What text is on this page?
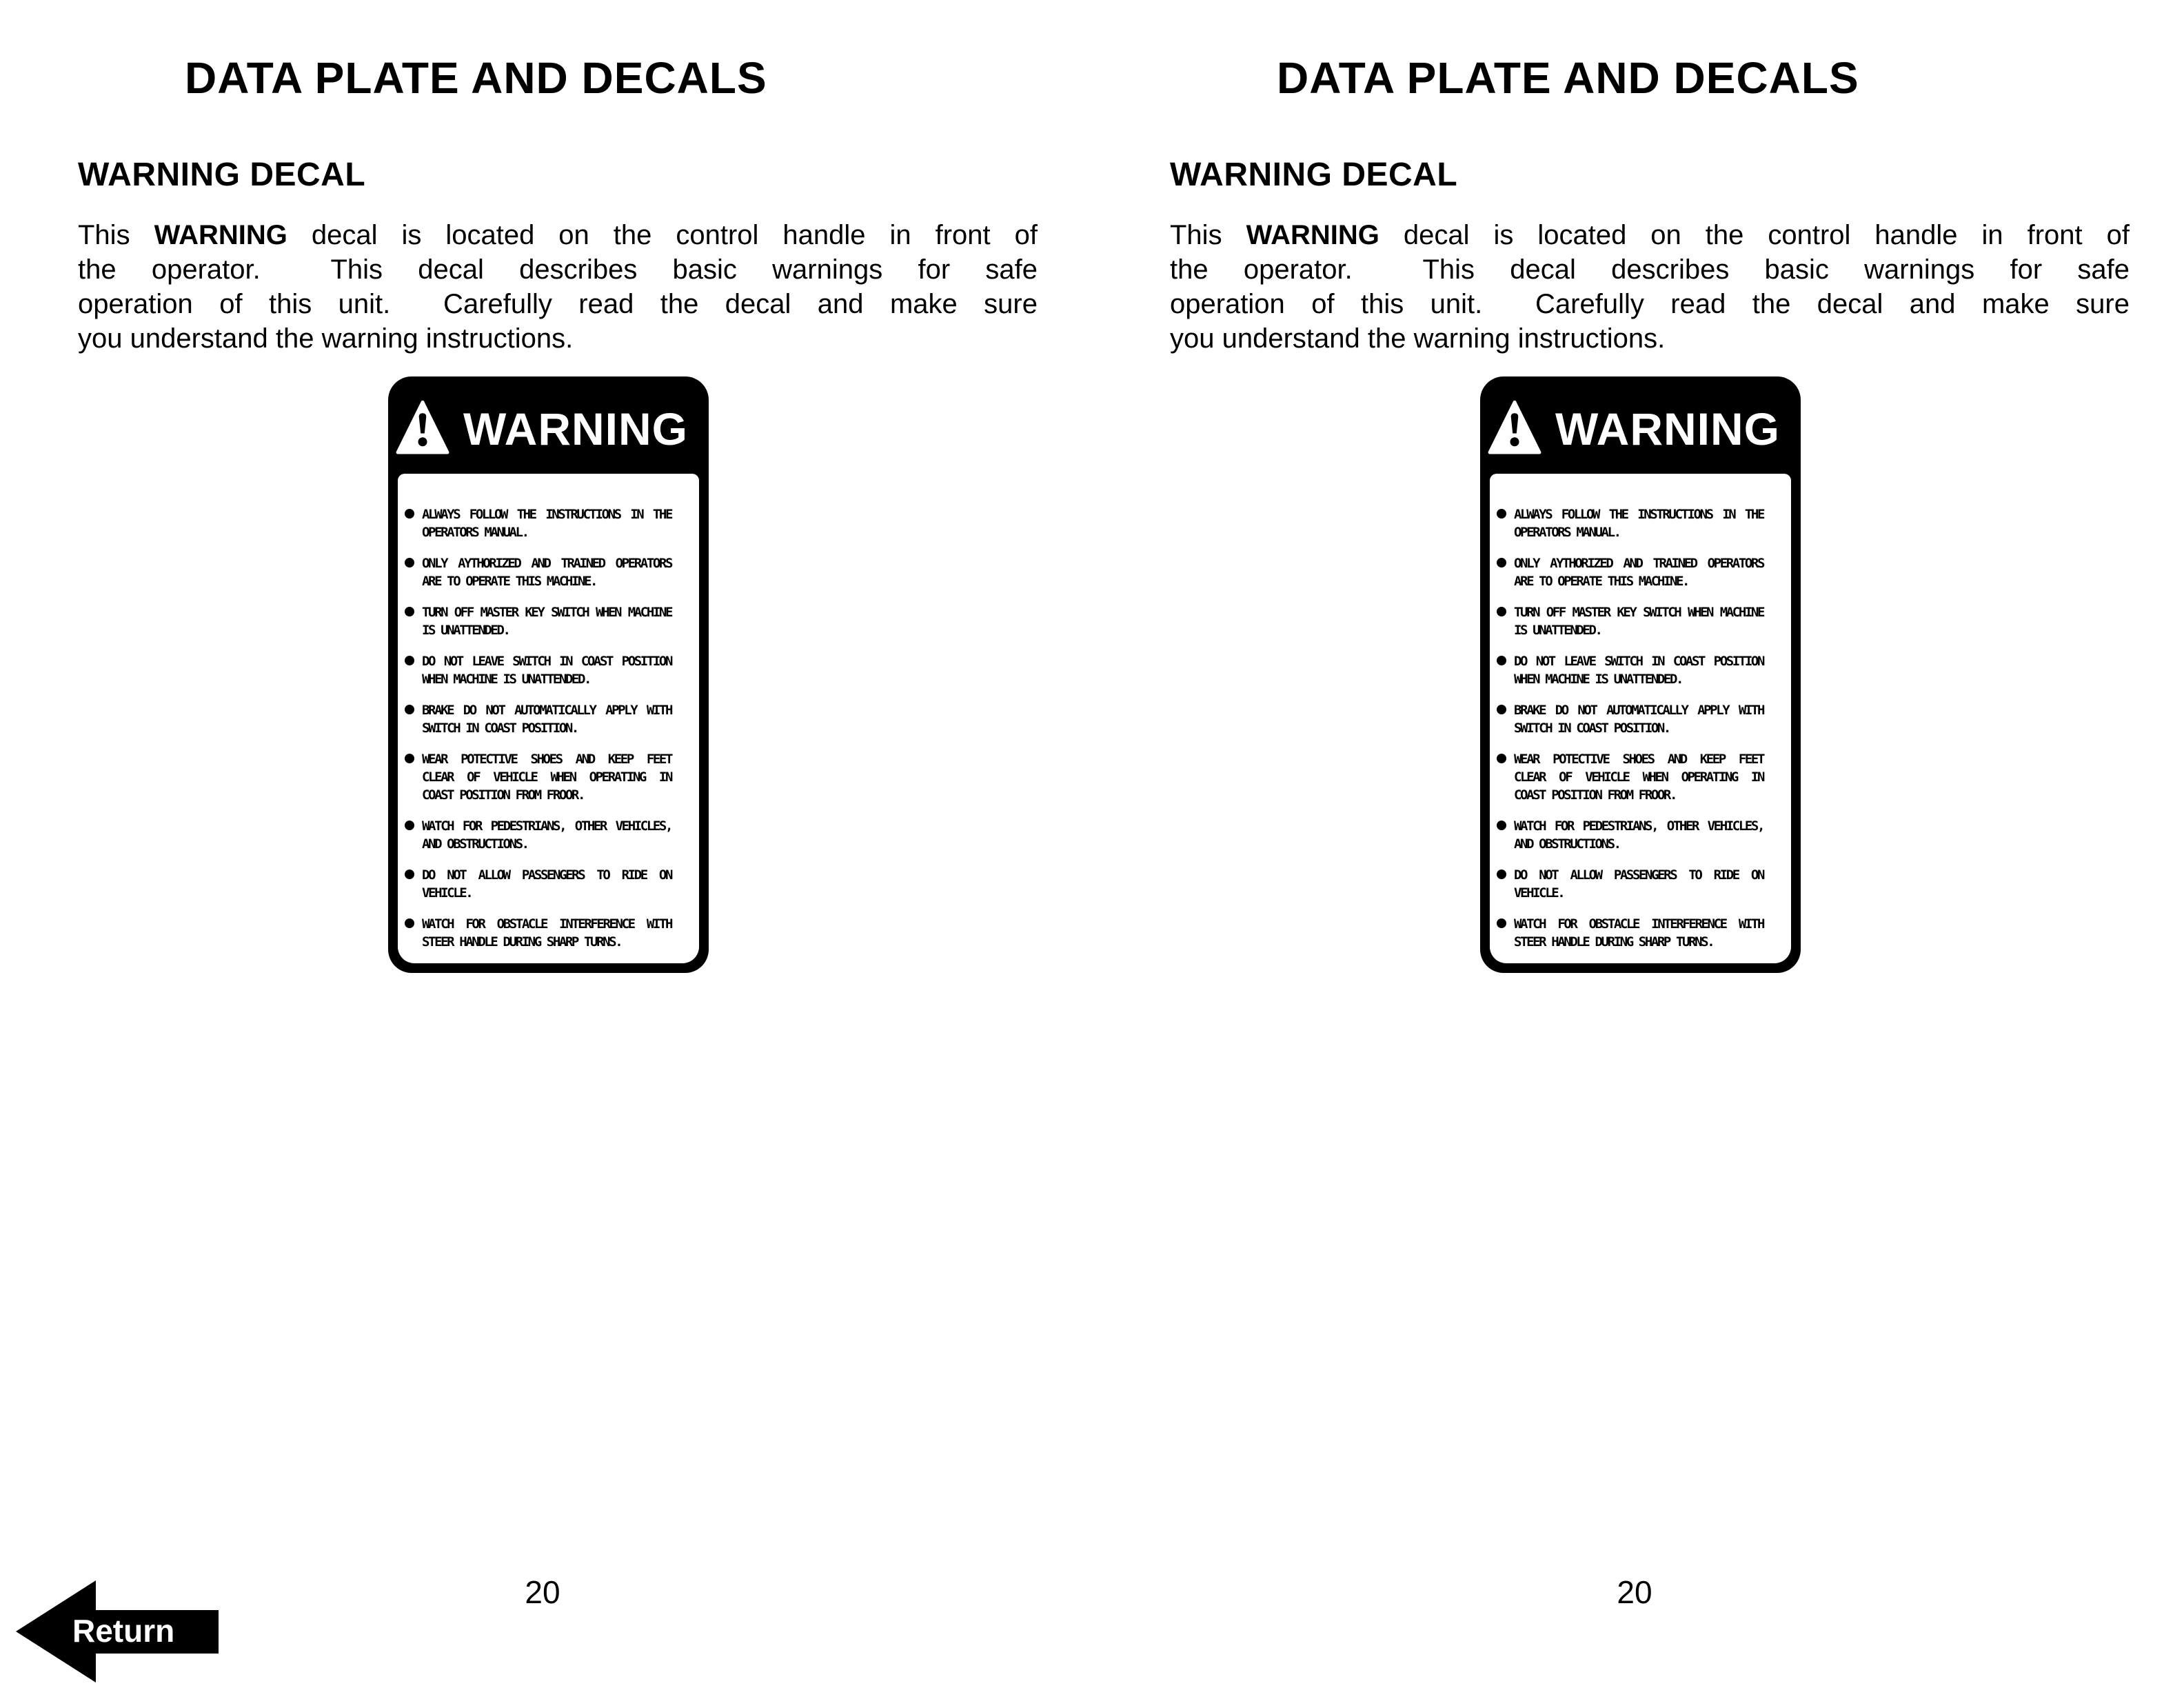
DATA PLATE AND DECALS
WARNING DECAL
This WARNING decal is located on the control handle in front of
the operator.  This decal describes basic warnings for safe
operation of this unit.  Carefully read the decal and make sure
you understand the warning instructions.
WARNING
ALWAYS FOLLOW THE INSTRUCTIONS IN THE
OPERATORS MANUAL.
ONLY AYTHORIZED AND TRAINED OPERATORS
ARE TO OPERATE THIS MACHINE.
TURN OFF MASTER KEY SWITCH WHEN MACHINE
IS UNATTENDED.
DO NOT LEAVE SWITCH IN COAST POSITION
WHEN MACHINE IS UNATTENDED.
BRAKE DO NOT AUTOMATICALLY APPLY WITH
SWITCH IN COAST POSITION.
WEAR POTECTIVE SHOES AND KEEP FEET
CLEAR OF VEHICLE WHEN OPERATING IN
COAST POSITION FROM FROOR.
WATCH FOR PEDESTRIANS, OTHER VEHICLES,
AND OBSTRUCTIONS.
DO NOT ALLOW PASSENGERS TO RIDE ON
VEHICLE.
WATCH FOR OBSTACLE INTERFERENCE WITH
STEER HANDLE DURING SHARP TURNS.
20
DATA PLATE AND DECALS
WARNING DECAL
This WARNING decal is located on the control handle in front of
the operator.  This decal describes basic warnings for safe
operation of this unit.  Carefully read the decal and make sure
you understand the warning instructions.
WARNING
ALWAYS FOLLOW THE INSTRUCTIONS IN THE
OPERATORS MANUAL.
ONLY AYTHORIZED AND TRAINED OPERATORS
ARE TO OPERATE THIS MACHINE.
TURN OFF MASTER KEY SWITCH WHEN MACHINE
IS UNATTENDED.
DO NOT LEAVE SWITCH IN COAST POSITION
WHEN MACHINE IS UNATTENDED.
BRAKE DO NOT AUTOMATICALLY APPLY WITH
SWITCH IN COAST POSITION.
WEAR POTECTIVE SHOES AND KEEP FEET
CLEAR OF VEHICLE WHEN OPERATING IN
COAST POSITION FROM FROOR.
WATCH FOR PEDESTRIANS, OTHER VEHICLES,
AND OBSTRUCTIONS.
DO NOT ALLOW PASSENGERS TO RIDE ON
VEHICLE.
WATCH FOR OBSTACLE INTERFERENCE WITH
STEER HANDLE DURING SHARP TURNS.
20
Return
